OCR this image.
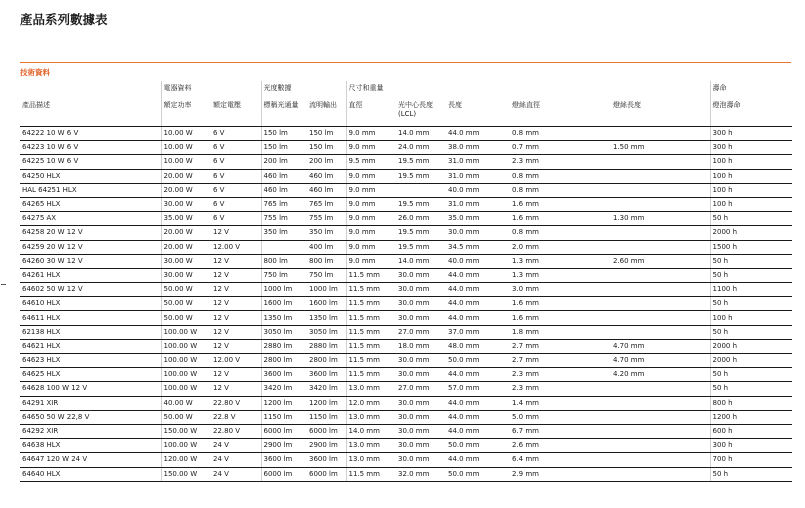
產品系列數據表
技術資料
	電器資料		光度數據		尺寸和重量					壽命
產品描述	額定功率	額定電壓	標稱光通量	流明輸出	直徑	光中心長度 (LCL)	長度	燈絲直徑	燈絲長度	燈泡壽命
64222 10 W 6 V	10.00 W	6 V	150 lm	150 lm	9.0 mm	14.0 mm	44.0 mm	0.8 mm		300 h
64223 10 W 6 V	10.00 W	6 V	150 lm	150 lm	9.0 mm	24.0 mm	38.0 mm	0.7 mm	1.50 mm	300 h
64225 10 W 6 V	10.00 W	6 V	200 lm	200 lm	9.5 mm	19.5 mm	31.0 mm	2.3 mm		100 h
64250 HLX	20.00 W	6 V	460 lm	460 lm	9.0 mm	19.5 mm	31.0 mm	0.8 mm		100 h
HAL 64251 HLX	20.00 W	6 V	460 lm	460 lm	9.0 mm		40.0 mm	0.8 mm		100 h
64265 HLX	30.00 W	6 V	765 lm	765 lm	9.0 mm	19.5 mm	31.0 mm	1.6 mm		100 h
64275 AX	35.00 W	6 V	755 lm	755 lm	9.0 mm	26.0 mm	35.0 mm	1.6 mm	1.30 mm	50 h
64258 20 W 12 V	20.00 W	12 V	350 lm	350 lm	9.0 mm	19.5 mm	30.0 mm	0.8 mm		2000 h
64259 20 W 12 V	20.00 W	12.00 V		400 lm	9.0 mm	19.5 mm	34.5 mm	2.0 mm		1500 h
64260 30 W 12 V	30.00 W	12 V	800 lm	800 lm	9.0 mm	14.0 mm	40.0 mm	1.3 mm	2.60 mm	50 h
64261 HLX	30.00 W	12 V	750 lm	750 lm	11.5 mm	30.0 mm	44.0 mm	1.3 mm		50 h
64602 50 W 12 V	50.00 W	12 V	1000 lm	1000 lm	11.5 mm	30.0 mm	44.0 mm	3.0 mm		1100 h
64610 HLX	50.00 W	12 V	1600 lm	1600 lm	11.5 mm	30.0 mm	44.0 mm	1.6 mm		50 h
64611 HLX	50.00 W	12 V	1350 lm	1350 lm	11.5 mm	30.0 mm	44.0 mm	1.6 mm		100 h
62138 HLX	100.00 W	12 V	3050 lm	3050 lm	11.5 mm	27.0 mm	37.0 mm	1.8 mm		50 h
64621 HLX	100.00 W	12 V	2880 lm	2880 lm	11.5 mm	18.0 mm	48.0 mm	2.7 mm	4.70 mm	2000 h
64623 HLX	100.00 W	12.00 V	2800 lm	2800 lm	11.5 mm	30.0 mm	50.0 mm	2.7 mm	4.70 mm	2000 h
64625 HLX	100.00 W	12 V	3600 lm	3600 lm	11.5 mm	30.0 mm	44.0 mm	2.3 mm	4.20 mm	50 h
64628 100 W 12 V	100.00 W	12 V	3420 lm	3420 lm	13.0 mm	27.0 mm	57.0 mm	2.3 mm		50 h
64291 XIR	40.00 W	22.80 V	1200 lm	1200 lm	12.0 mm	30.0 mm	44.0 mm	1.4 mm		800 h
64650 50 W 22,8 V	50.00 W	22.8 V	1150 lm	1150 lm	13.0 mm	30.0 mm	44.0 mm	5.0 mm		1200 h
64292 XIR	150.00 W	22.80 V	6000 lm	6000 lm	14.0 mm	30.0 mm	44.0 mm	6.7 mm		600 h
64638 HLX	100.00 W	24 V	2900 lm	2900 lm	13.0 mm	30.0 mm	50.0 mm	2.6 mm		300 h
64647 120 W 24 V	120.00 W	24 V	3600 lm	3600 lm	13.0 mm	30.0 mm	44.0 mm	6.4 mm		700 h
64640 HLX	150.00 W	24 V	6000 lm	6000 lm	11.5 mm	32.0 mm	50.0 mm	2.9 mm		50 h
